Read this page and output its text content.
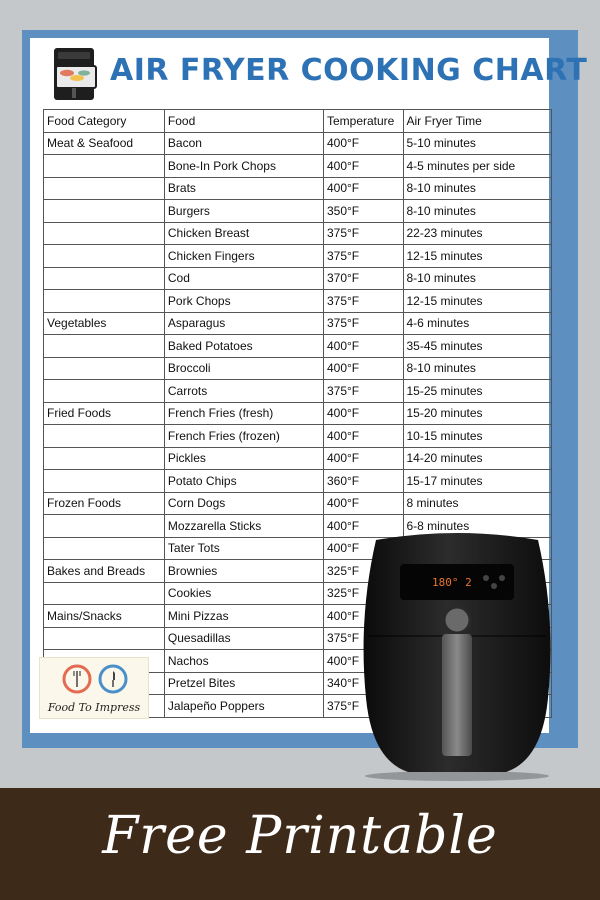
AIR FRYER COOKING CHART
Food Category	Food	Temperature	Air Fryer Time
Meat & Seafood	Bacon	400°F	5-10 minutes
	Bone-In Pork Chops	400°F	4-5 minutes per side
	Brats	400°F	8-10 minutes
	Burgers	350°F	8-10 minutes
	Chicken Breast	375°F	22-23 minutes
	Chicken Fingers	375°F	12-15 minutes
	Cod	370°F	8-10 minutes
	Pork Chops	375°F	12-15 minutes
Vegetables	Asparagus	375°F	4-6 minutes
	Baked Potatoes	400°F	35-45 minutes
	Broccoli	400°F	8-10 minutes
	Carrots	375°F	15-25 minutes
Fried Foods	French Fries (fresh)	400°F	15-20 minutes
	French Fries (frozen)	400°F	10-15 minutes
	Pickles	400°F	14-20 minutes
	Potato Chips	360°F	15-17 minutes
Frozen Foods	Corn Dogs	400°F	8 minutes
	Mozzarella Sticks	400°F	6-8 minutes
	Tater Tots	400°F	
Bakes and Breads	Brownies	325°F	
	Cookies	325°F	
Mains/Snacks	Mini Pizzas	400°F	
	Quesadillas	375°F	
	Nachos	400°F	
	Pretzel Bites	340°F	
	Jalapeño Poppers	375°F	
Food To Impress
180° 2
Free Printable
